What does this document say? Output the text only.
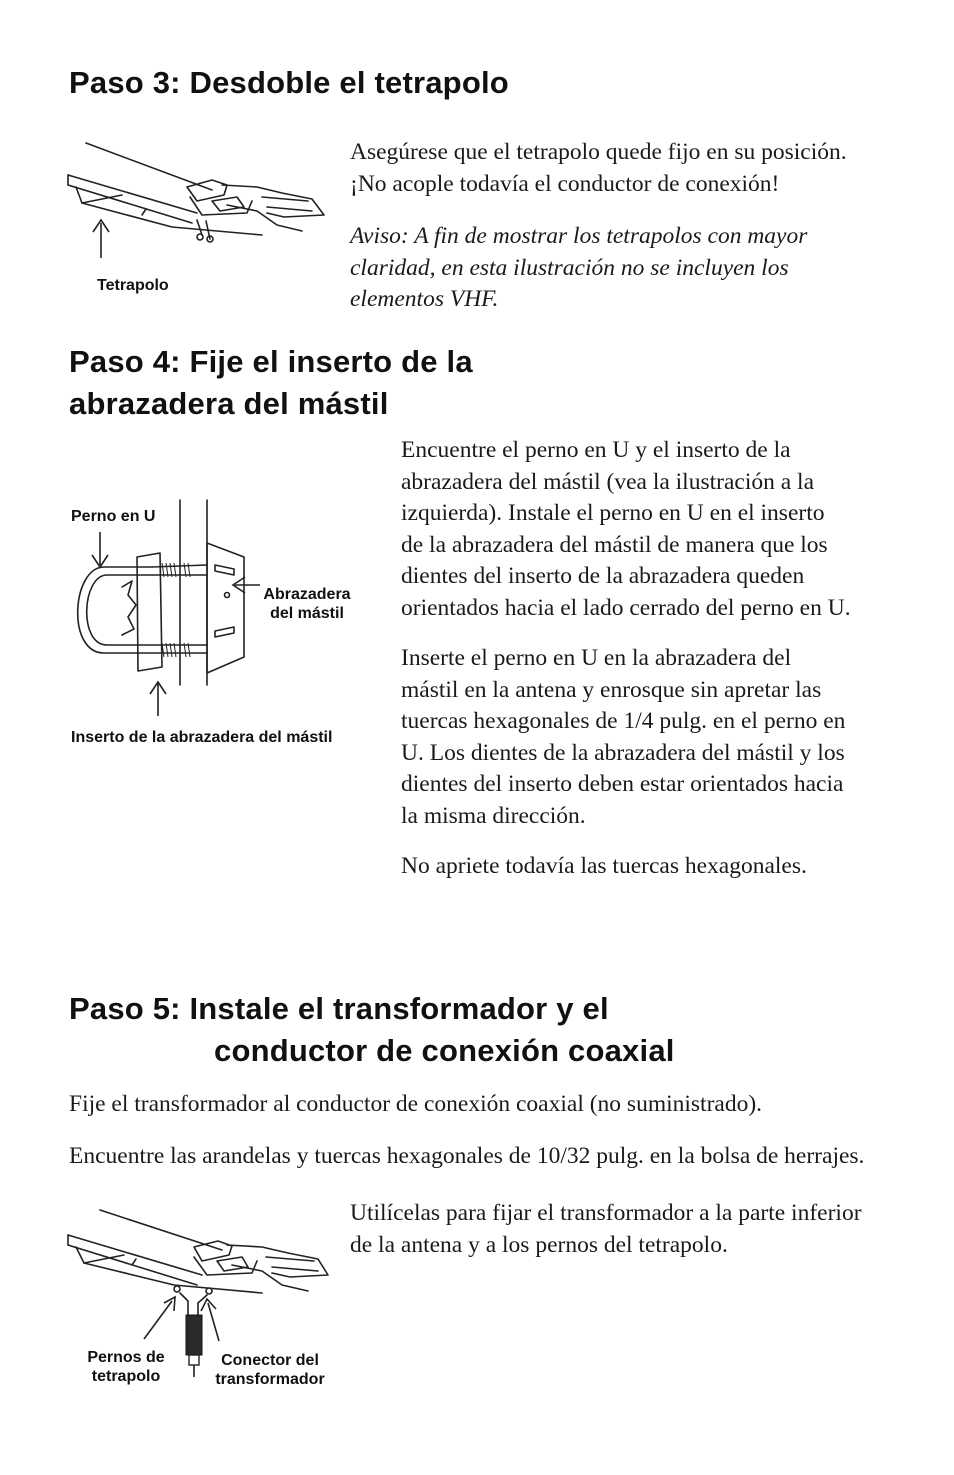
Paso 3: Desdoble el tetrapolo

Tetrapolo

Asegúrese que el tetrapolo quede fijo en su posición.
¡No acople todavía el conductor de conexión!

Aviso: A fin de mostrar los tetrapolos con mayor
claridad, en esta ilustración no se incluyen los
elementos VHF.

Paso 4: Fije el inserto de la
abrazadera del mástil

Perno en U

Abrazadera
del mástil

Inserto de la abrazadera del mástil

Encuentre el perno en U y el inserto de la
abrazadera del mástil (vea la ilustración a la
izquierda). Instale el perno en U en el inserto
de la abrazadera del mástil de manera que los
dientes del inserto de la abrazadera queden
orientados hacia el lado cerrado del perno en U.

Inserte el perno en U en la abrazadera del
mástil en la antena y enrosque sin apretar las
tuercas hexagonales de 1/4 pulg. en el perno en
U. Los dientes de la abrazadera del mástil y los
dientes del inserto deben estar orientados hacia
la misma dirección.

No apriete todavía las tuercas hexagonales.

Paso 5: Instale el transformador y el
conductor de conexión coaxial

Fije el transformador al conductor de conexión coaxial (no suministrado).

Encuentre las arandelas y tuercas hexagonales de 10/32 pulg. en la bolsa de herrajes.

Utilícelas para fijar el transformador a la parte inferior
de la antena y a los pernos del tetrapolo.

Pernos de
tetrapolo

Conector del
transformador
